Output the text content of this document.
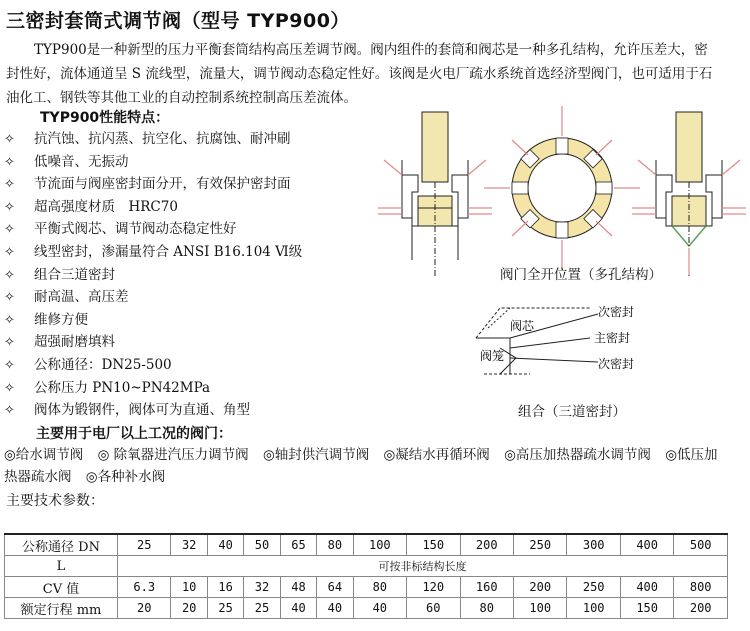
三密封套筒式调节阀（型号 TYP900）
TYP900是一种新型的压力平衡套筒结构高压差调节阀。阀内组件的套筒和阀芯是一种多孔结构，允许压差大，密封性好，流体通道呈 S 流线型，流量大，调节阀动态稳定性好。该阀是火电厂疏水系统首选经济型阀门，也可适用于石油化工、钢铁等其他工业的自动控制系统控制高压差流体。
TYP900性能特点：
✧ 抗汽蚀、抗闪蒸、抗空化、抗腐蚀、耐冲刷
✧ 低噪音、无振动
✧ 节流面与阀座密封面分开，有效保护密封面
✧ 超高强度材质　HRC70
✧ 平衡式阀芯、调节阀动态稳定性好
✧ 线型密封，渗漏量符合 ANSI B16.104 Ⅵ级
✧ 组合三道密封
✧ 耐高温、高压差
✧ 维修方便
✧ 超强耐磨填料
✧ 公称通径：DN25-500
✧ 公称压力 PN10~PN42MPa
✧ 阀体为锻钢件，阀体可为直通、角型
主要用于电厂以上工况的阀门：
◎给水调节阀 ◎ 除氧器进汽压力调节阀 ◎轴封供汽调节阀 ◎凝结水再循环阀 ◎高压加热器疏水调节阀 ◎低压加热器疏水阀 ◎各种补水阀
主要技术参数：
阀门全开位置（多孔结构）
阀芯
阀笼
次密封
主密封
次密封
组合（三道密封）
公称通径 DN	25	32	40	50	65	80	100	150	200	250	300	400	500
L	可按非标结构长度												
CV 值	6.3	10	16	32	48	64	80	120	160	200	250	400	800
额定行程 mm	20	20	25	25	40	40	40	60	80	100	100	150	200
